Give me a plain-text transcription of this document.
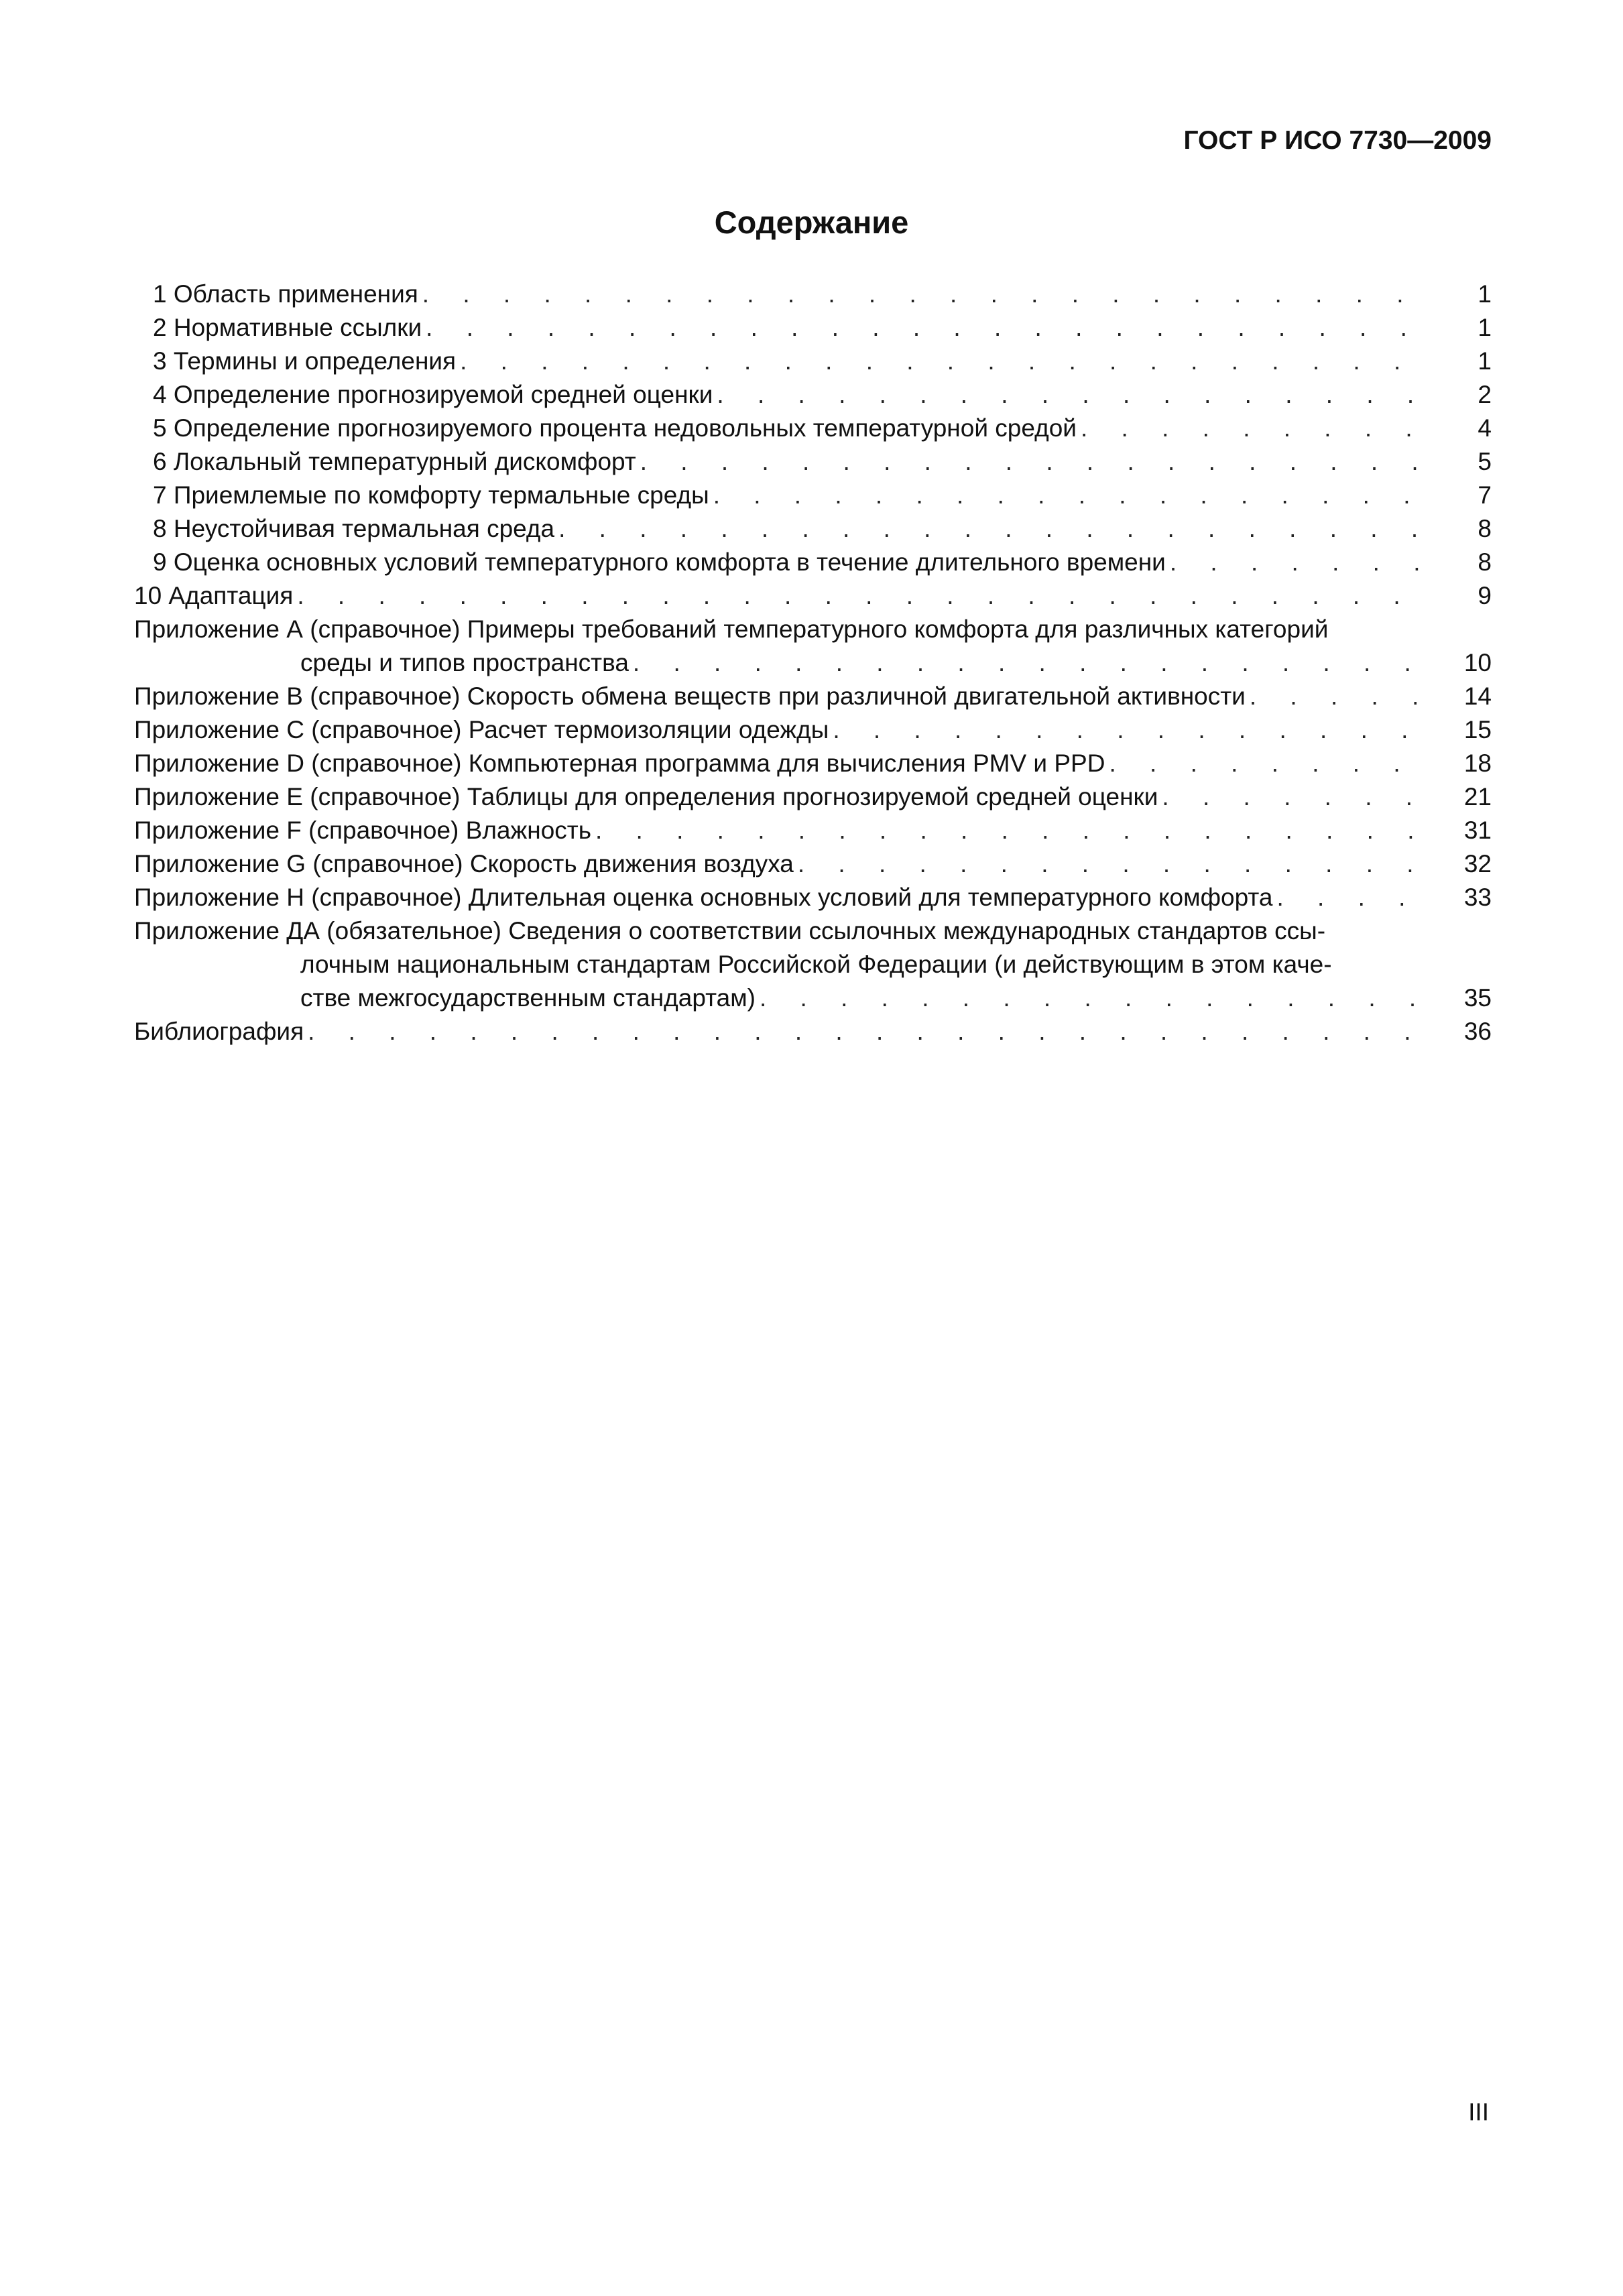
ГОСТ Р ИСО 7730—2009
Содержание
1 Область применения . . .	1
2 Нормативные ссылки . . .	1
3 Термины и определения . . .	1
4 Определение прогнозируемой средней оценки . . .	2
5 Определение прогнозируемого процента недовольных температурной средой . . .	4
6 Локальный температурный дискомфорт . . .	5
7 Приемлемые по комфорту термальные среды . . .	7
8 Неустойчивая термальная среда . . .	8
9 Оценка основных условий температурного комфорта в течение длительного времени . . .	8
10 Адаптация . . .	9
Приложение А (справочное) Примеры требований температурного комфорта для различных категорий
среды и типов пространства . . .	10
Приложение В (справочное) Скорость обмена веществ при различной двигательной активности . . .	14
Приложение С (справочное) Расчет термоизоляции одежды . . .	15
Приложение D (справочное) Компьютерная программа для вычисления PMV и PPD . . .	18
Приложение Е (справочное) Таблицы для определения прогнозируемой средней оценки . . .	21
Приложение F (справочное) Влажность . . .	31
Приложение G (справочное) Скорость движения воздуха . . .	32
Приложение Н (справочное) Длительная оценка основных условий для температурного комфорта . . .	33
Приложение ДА (обязательное) Сведения о соответствии ссылочных международных стандартов ссы-
лочным национальным стандартам Российской Федерации (и действующим в этом каче-
стве межгосударственным стандартам) . . .	35
Библиография . . .	36
III
